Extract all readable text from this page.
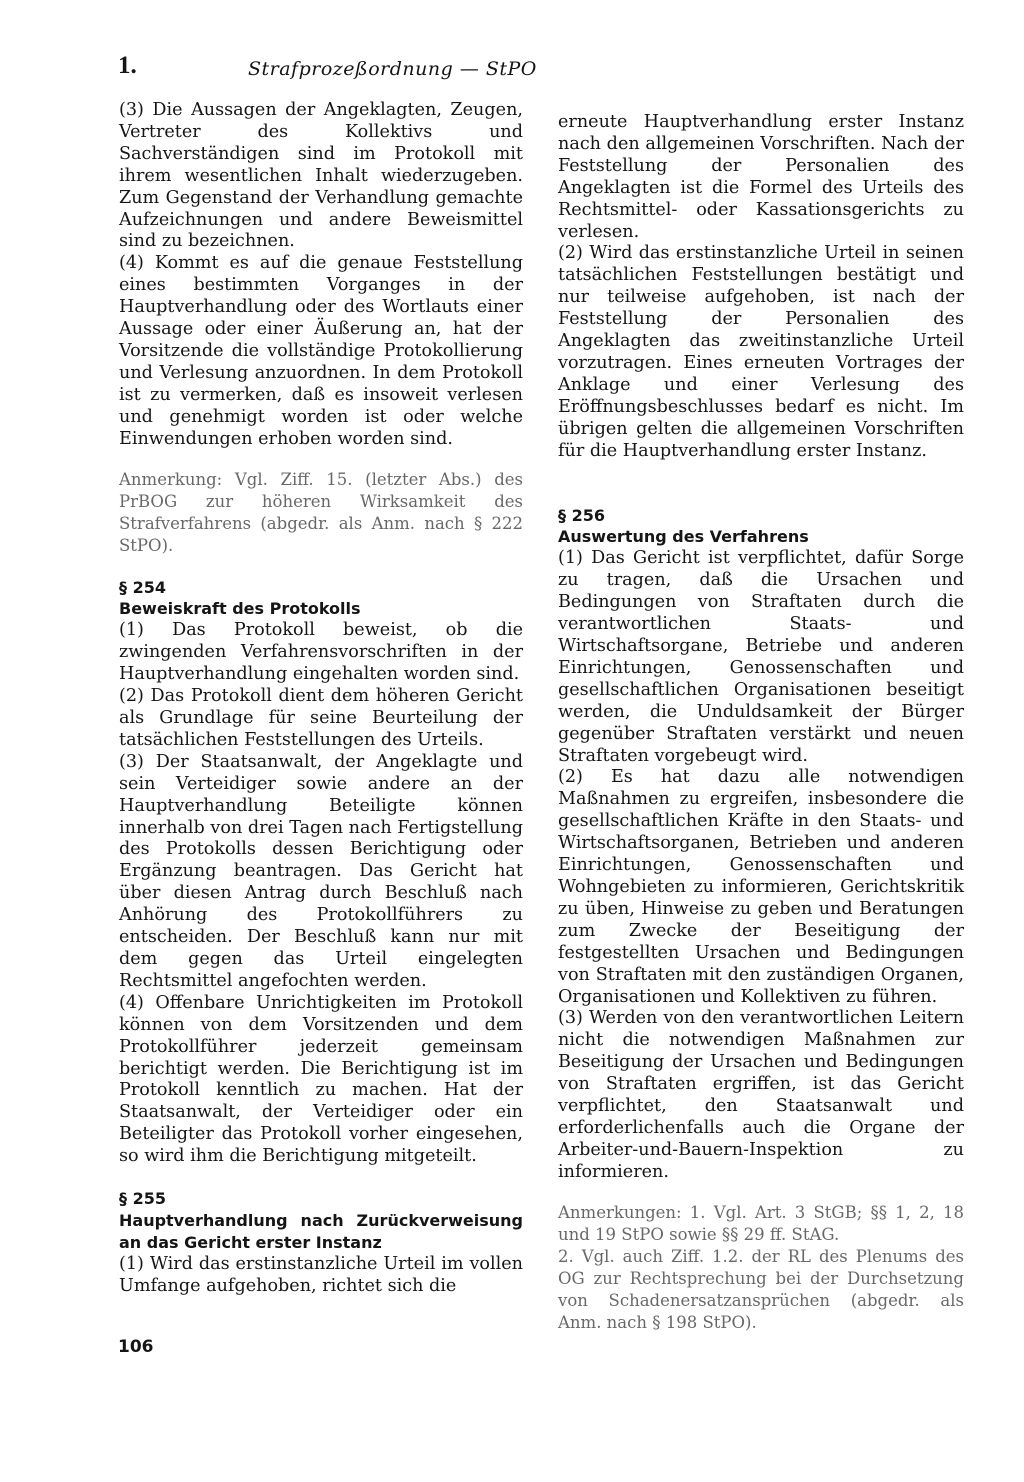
1.	Strafprozeßordnung — StPO

(3) Die Aussagen der Angeklagten, Zeugen, Vertreter des Kollektivs und Sachverständigen sind im Protokoll mit ihrem wesentlichen Inhalt wiederzugeben. Zum Gegenstand der Verhandlung gemachte Aufzeichnungen und andere Beweismittel sind zu bezeichnen.

(4) Kommt es auf die genaue Feststellung eines bestimmten Vorganges in der Hauptverhandlung oder des Wortlauts einer Aussage oder einer Äußerung an, hat der Vorsitzende die vollständige Protokollierung und Verlesung anzuordnen. In dem Protokoll ist zu vermerken, daß es insoweit verlesen und genehmigt worden ist oder welche Einwendungen erhoben worden sind.

Anmerkung: Vgl. Ziff. 15. (letzter Abs.) des PrBOG zur höheren Wirksamkeit des Strafverfahrens (abgedr. als Anm. nach § 222 StPO).

§ 254
Beweiskraft des Protokolls

(1) Das Protokoll beweist, ob die zwingenden Verfahrensvorschriften in der Hauptverhandlung eingehalten worden sind.

(2) Das Protokoll dient dem höheren Gericht als Grundlage für seine Beurteilung der tatsächlichen Feststellungen des Urteils.

(3) Der Staatsanwalt, der Angeklagte und sein Verteidiger sowie andere an der Hauptverhandlung Beteiligte können innerhalb von drei Tagen nach Fertigstellung des Protokolls dessen Berichtigung oder Ergänzung beantragen. Das Gericht hat über diesen Antrag durch Beschluß nach Anhörung des Protokollführers zu entscheiden. Der Beschluß kann nur mit dem gegen das Urteil eingelegten Rechtsmittel angefochten werden.

(4) Offenbare Unrichtigkeiten im Protokoll können von dem Vorsitzenden und dem Protokollführer jederzeit gemeinsam berichtigt werden. Die Berichtigung ist im Protokoll kenntlich zu machen. Hat der Staatsanwalt, der Verteidiger oder ein Beteiligter das Protokoll vorher eingesehen, so wird ihm die Berichtigung mitgeteilt.

§ 255
Hauptverhandlung nach Zurückverweisung an das Gericht erster Instanz

(1) Wird das erstinstanzliche Urteil im vollen Umfange aufgehoben, richtet sich die

erneute Hauptverhandlung erster Instanz nach den allgemeinen Vorschriften. Nach der Feststellung der Personalien des Angeklagten ist die Formel des Urteils des Rechtsmittel- oder Kassationsgerichts zu verlesen.

(2) Wird das erstinstanzliche Urteil in seinen tatsächlichen Feststellungen bestätigt und nur teilweise aufgehoben, ist nach der Feststellung der Personalien des Angeklagten das zweitinstanzliche Urteil vorzutragen. Eines erneuten Vortrages der Anklage und einer Verlesung des Eröffnungsbeschlusses bedarf es nicht. Im übrigen gelten die allgemeinen Vorschriften für die Hauptverhandlung erster Instanz.

§ 256
Auswertung des Verfahrens

(1) Das Gericht ist verpflichtet, dafür Sorge zu tragen, daß die Ursachen und Bedingungen von Straftaten durch die verantwortlichen Staats- und Wirtschaftsorgane, Betriebe und anderen Einrichtungen, Genossenschaften und gesellschaftlichen Organisationen beseitigt werden, die Unduldsamkeit der Bürger gegenüber Straftaten verstärkt und neuen Straftaten vorgebeugt wird.

(2) Es hat dazu alle notwendigen Maßnahmen zu ergreifen, insbesondere die gesellschaftlichen Kräfte in den Staats- und Wirtschaftsorganen, Betrieben und anderen Einrichtungen, Genossenschaften und Wohngebieten zu informieren, Gerichtskritik zu üben, Hinweise zu geben und Beratungen zum Zwecke der Beseitigung der festgestellten Ursachen und Bedingungen von Straftaten mit den zuständigen Organen, Organisationen und Kollektiven zu führen.

(3) Werden von den verantwortlichen Leitern nicht die notwendigen Maßnahmen zur Beseitigung der Ursachen und Bedingungen von Straftaten ergriffen, ist das Gericht verpflichtet, den Staatsanwalt und erforderlichenfalls auch die Organe der Arbeiter-und-Bauern-Inspektion zu informieren.

Anmerkungen: 1. Vgl. Art. 3 StGB; §§ 1, 2, 18 und 19 StPO sowie §§ 29 ff. StAG.

2. Vgl. auch Ziff. 1.2. der RL des Plenums des OG zur Rechtsprechung bei der Durchsetzung von Schadenersatzansprüchen (abgedr. als Anm. nach § 198 StPO).

106
